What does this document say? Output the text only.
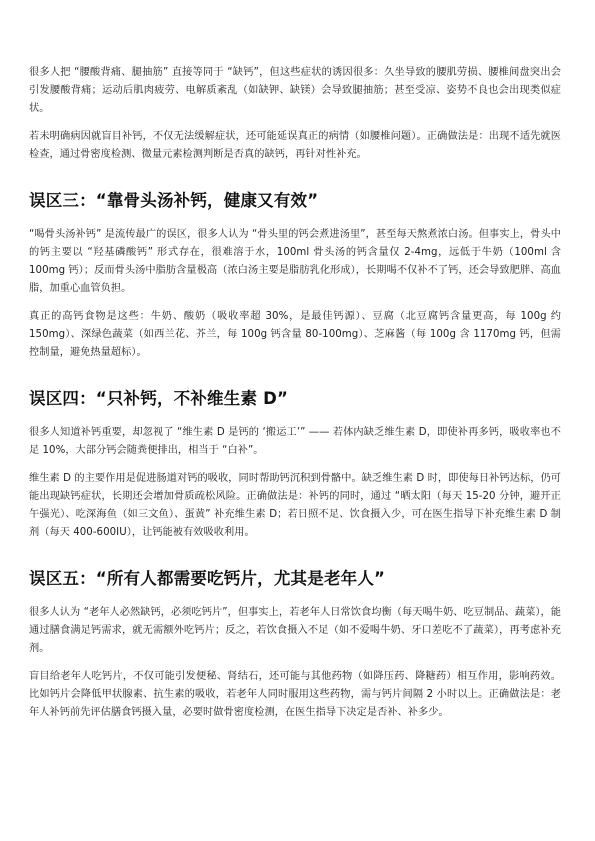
很多人把 “腰酸背痛、腿抽筋” 直接等同于 “缺钙”，但这些症状的诱因很多：久坐导致的腰肌劳损、腰椎间盘突出会引发腰酸背痛；运动后肌肉疲劳、电解质紊乱（如缺钾、缺镁）会导致腿抽筋；甚至受凉、姿势不良也会出现类似症状。

若未明确病因就盲目补钙，不仅无法缓解症状，还可能延误真正的病情（如腰椎问题）。正确做法是：出现不适先就医检查，通过骨密度检测、微量元素检测判断是否真的缺钙，再针对性补充。

误区三：“靠骨头汤补钙，健康又有效”

“喝骨头汤补钙” 是流传最广的误区，很多人认为 “骨头里的钙会煮进汤里”，甚至每天熬煮浓白汤。但事实上，骨头中的钙主要以 “羟基磷酸钙” 形式存在，很难溶于水，100ml 骨头汤的钙含量仅 2-4mg，远低于牛奶（100ml 含 100mg 钙）；反而骨头汤中脂肪含量极高（浓白汤主要是脂肪乳化形成），长期喝不仅补不了钙，还会导致肥胖、高血脂，加重心血管负担。

真正的高钙食物是这些：牛奶、酸奶（吸收率超 30%，是最佳钙源）、豆腐（北豆腐钙含量更高，每 100g 约 150mg）、深绿色蔬菜（如西兰花、芥兰，每 100g 钙含量 80-100mg）、芝麻酱（每 100g 含 1170mg 钙，但需控制量，避免热量超标）。

误区四：“只补钙，不补维生素 D”

很多人知道补钙重要，却忽视了 “维生素 D 是钙的 ‘搬运工’” —— 若体内缺乏维生素 D，即使补再多钙，吸收率也不足 10%，大部分钙会随粪便排出，相当于 “白补”。

维生素 D 的主要作用是促进肠道对钙的吸收，同时帮助钙沉积到骨骼中。缺乏维生素 D 时，即使每日补钙达标，仍可能出现缺钙症状，长期还会增加骨质疏松风险。正确做法是：补钙的同时，通过 “晒太阳（每天 15-20 分钟，避开正午强光）、吃深海鱼（如三文鱼）、蛋黄” 补充维生素 D；若日照不足、饮食摄入少，可在医生指导下补充维生素 D 制剂（每天 400-600IU），让钙能被有效吸收利用。

误区五：“所有人都需要吃钙片，尤其是老年人”

很多人认为 “老年人必然缺钙，必须吃钙片”，但事实上，若老年人日常饮食均衡（每天喝牛奶、吃豆制品、蔬菜），能通过膳食满足钙需求，就无需额外吃钙片；反之，若饮食摄入不足（如不爱喝牛奶、牙口差吃不了蔬菜），再考虑补充剂。

盲目给老年人吃钙片，不仅可能引发便秘、肾结石，还可能与其他药物（如降压药、降糖药）相互作用，影响药效。比如钙片会降低甲状腺素、抗生素的吸收，若老年人同时服用这些药物，需与钙片间隔 2 小时以上。正确做法是：老年人补钙前先评估膳食钙摄入量，必要时做骨密度检测，在医生指导下决定是否补、补多少。
